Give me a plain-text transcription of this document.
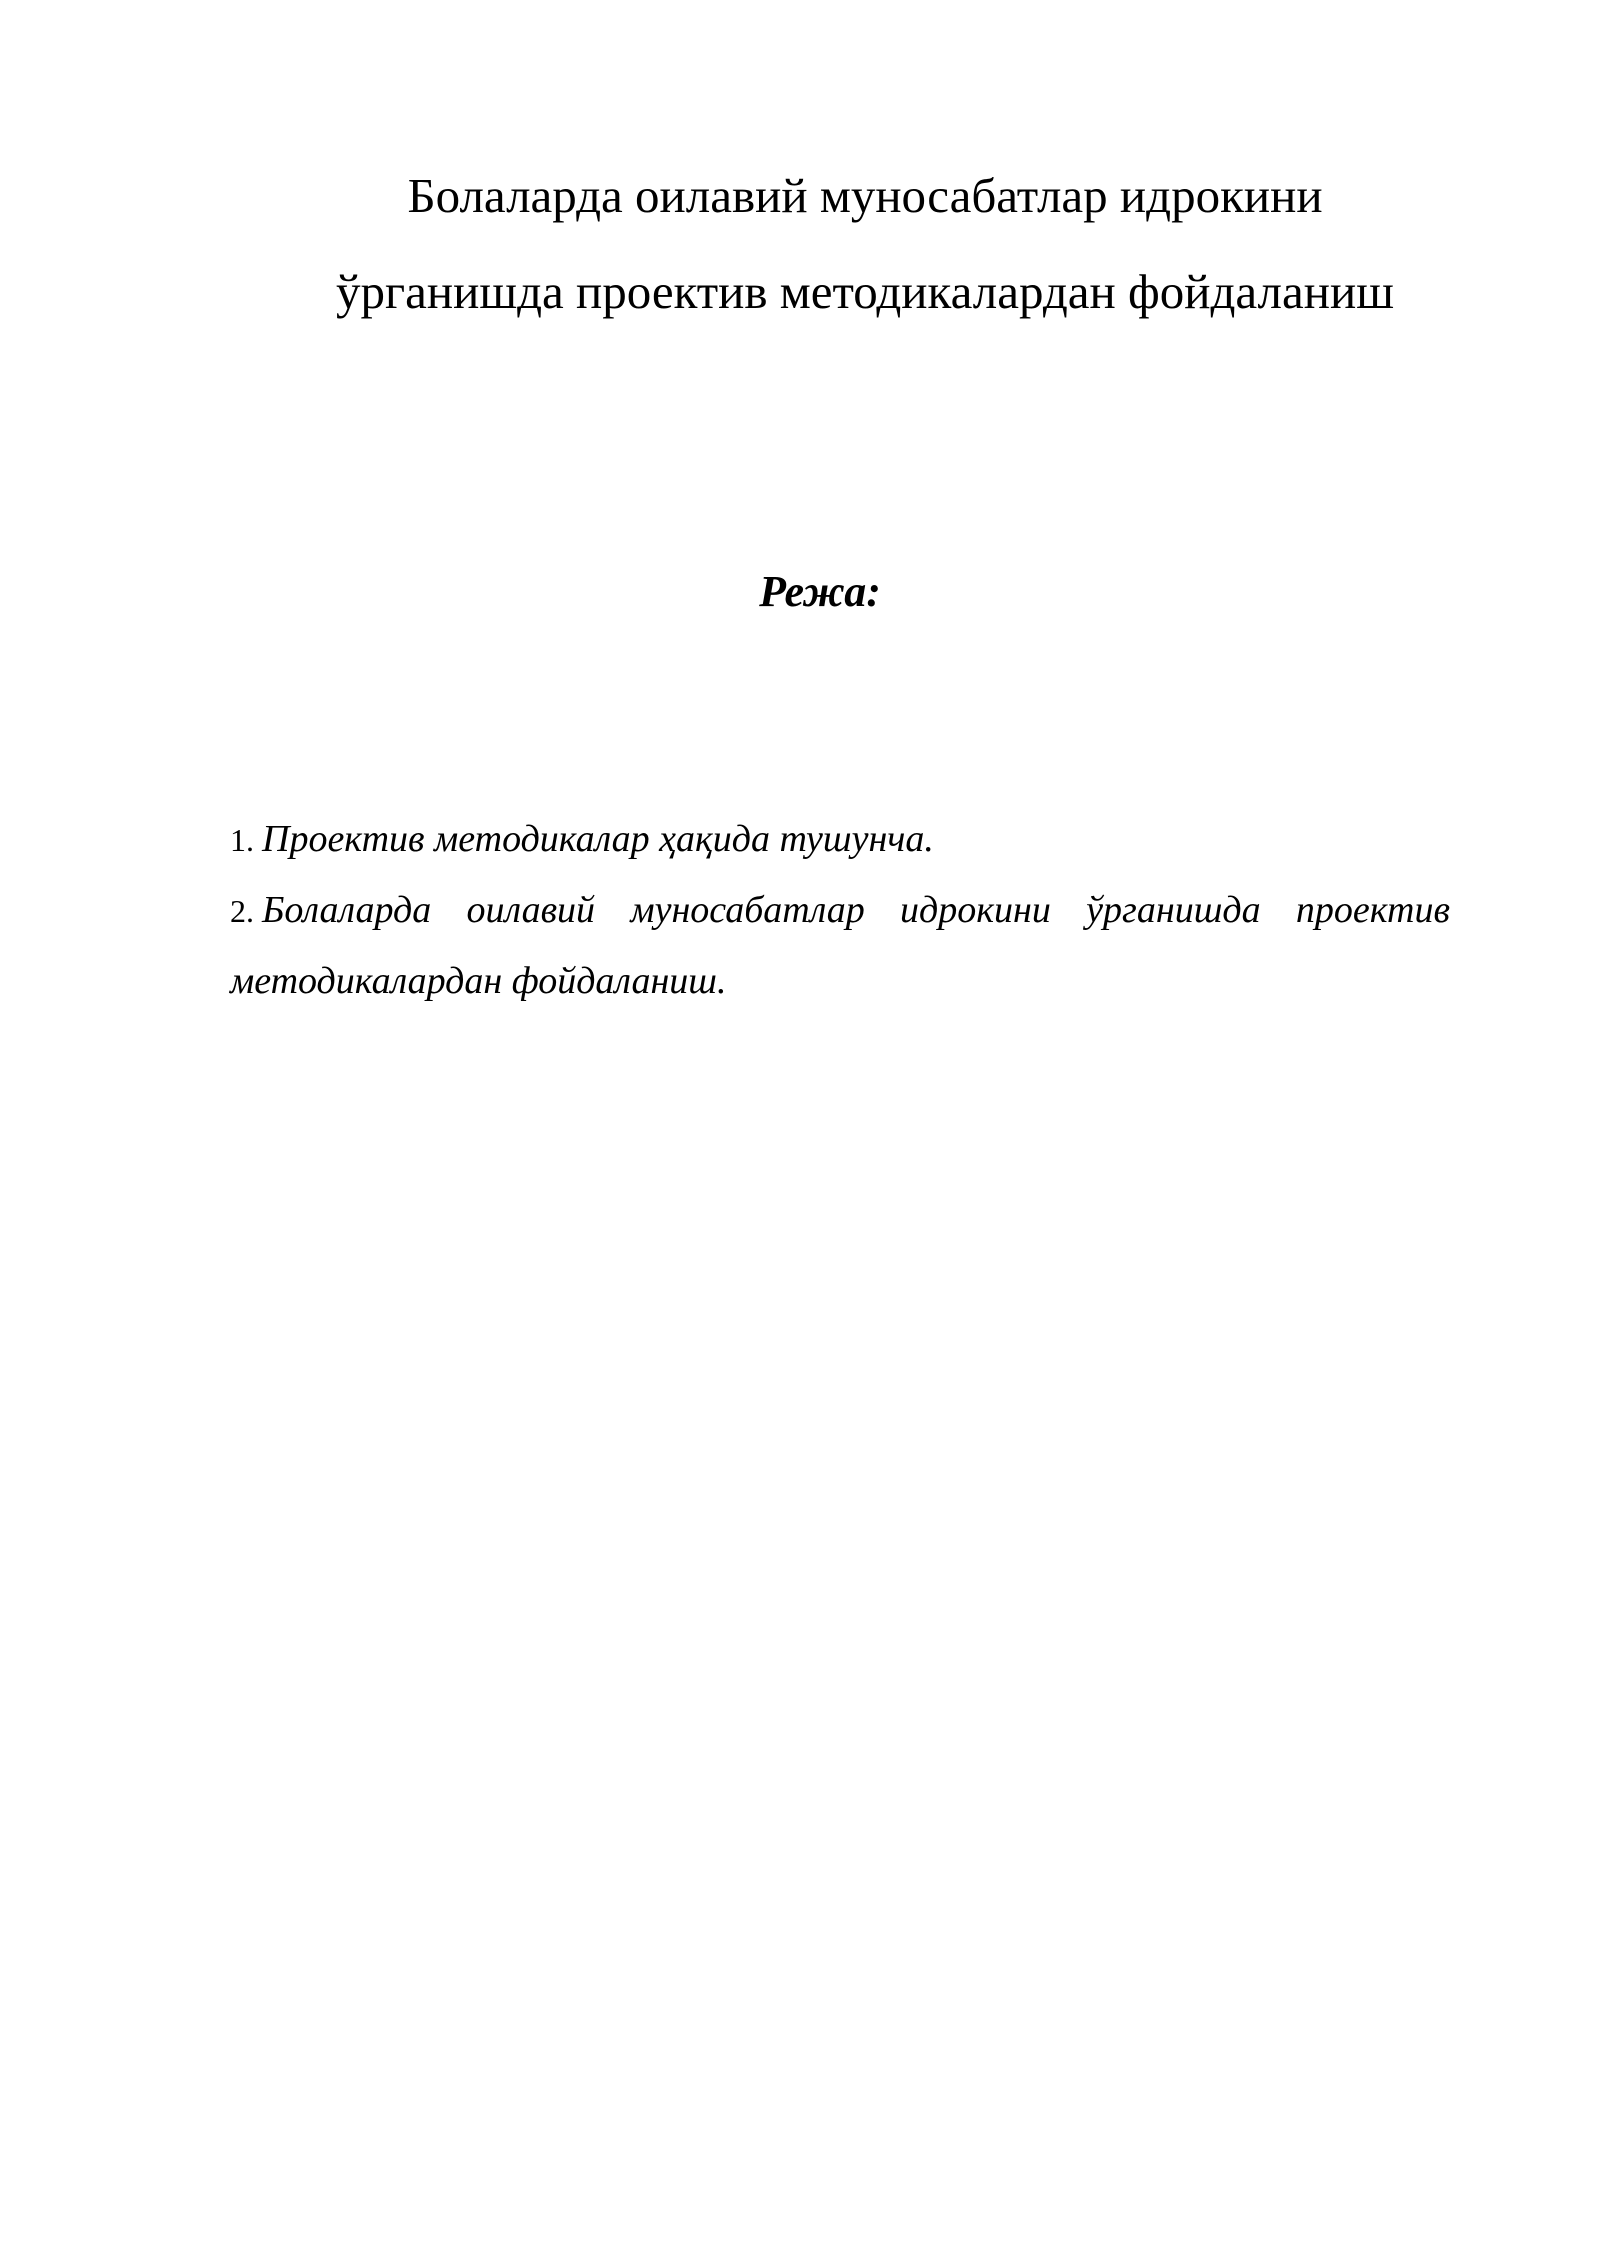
Болаларда оилавий муносабатлар идрокини
ўрганишда проектив методикалардан фойдаланиш
Режа:
1. Проектив методикалар ҳақида тушунча.
2. Болаларда оилавий муносабатлар идрокини ўрганишда проектив методикалардан фойдаланиш.
